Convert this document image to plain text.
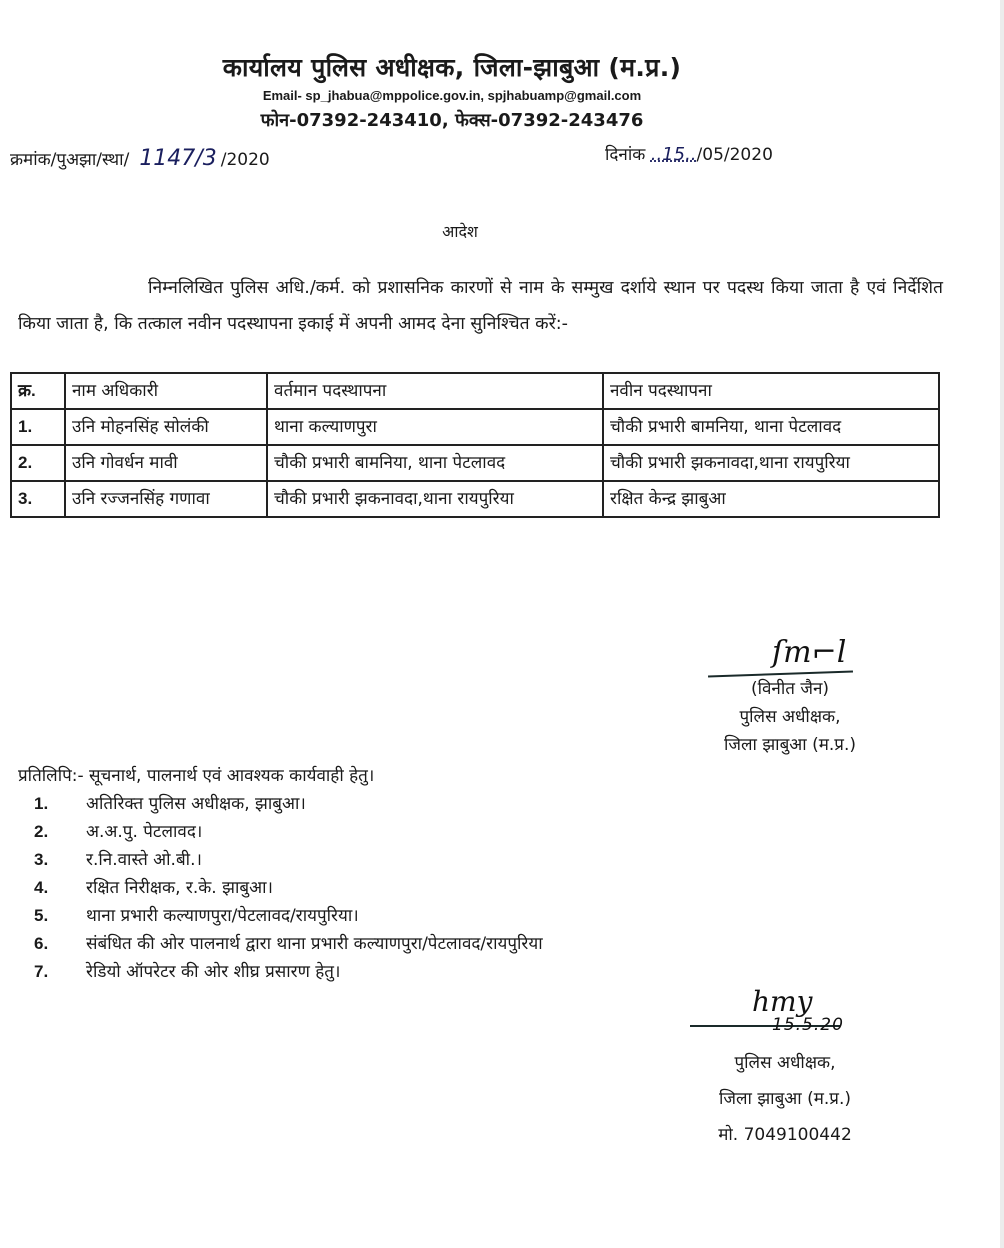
कार्यालय पुलिस अधीक्षक, जिला-झाबुआ (म.प्र.)
Email- sp_jhabua@mppolice.gov.in, spjhabuamp@gmail.com
फोन-07392-243410, फेक्स-07392-243476
क्रमांक/पुअझा/स्था/ 1147/3 /2020	दिनांक ..15../05/2020
आदेश
निम्नलिखित पुलिस अधि./कर्म. को प्रशासनिक कारणों से नाम के सम्मुख दर्शाये स्थान पर पदस्थ किया जाता है एवं निर्देशित किया जाता है, कि तत्काल नवीन पदस्थापना इकाई में अपनी आमद देना सुनिश्चित करें:-
क्र.	नाम अधिकारी	वर्तमान पदस्थापना	नवीन पदस्थापना
1.	उनि मोहनसिंह सोलंकी	थाना कल्याणपुरा	चौकी प्रभारी बामनिया, थाना पेटलावद
2.	उनि गोवर्धन मावी	चौकी प्रभारी बामनिया, थाना पेटलावद	चौकी प्रभारी झकनावदा,थाना रायपुरिया
3.	उनि रज्जनसिंह गणावा	चौकी प्रभारी झकनावदा,थाना रायपुरिया	रक्षित केन्द्र झाबुआ
ſm⌐l
(विनीत जैन)
पुलिस अधीक्षक,
जिला झाबुआ (म.प्र.)
प्रतिलिपि:- सूचनार्थ, पालनार्थ एवं आवश्यक कार्यवाही हेतु।
1. अतिरिक्त पुलिस अधीक्षक, झाबुआ।
2. अ.अ.पु. पेटलावद।
3. र.नि.वास्ते ओ.बी.।
4. रक्षित निरीक्षक, र.के. झाबुआ।
5. थाना प्रभारी कल्याणपुरा/पेटलावद/रायपुरिया।
6. संबंधित की ओर पालनार्थ द्वारा थाना प्रभारी कल्याणपुरा/पेटलावद/रायपुरिया
7. रेडियो ऑपरेटर की ओर शीघ्र प्रसारण हेतु।
ℎmy
15.5.20
पुलिस अधीक्षक,
जिला झाबुआ (म.प्र.)
मो. 7049100442
